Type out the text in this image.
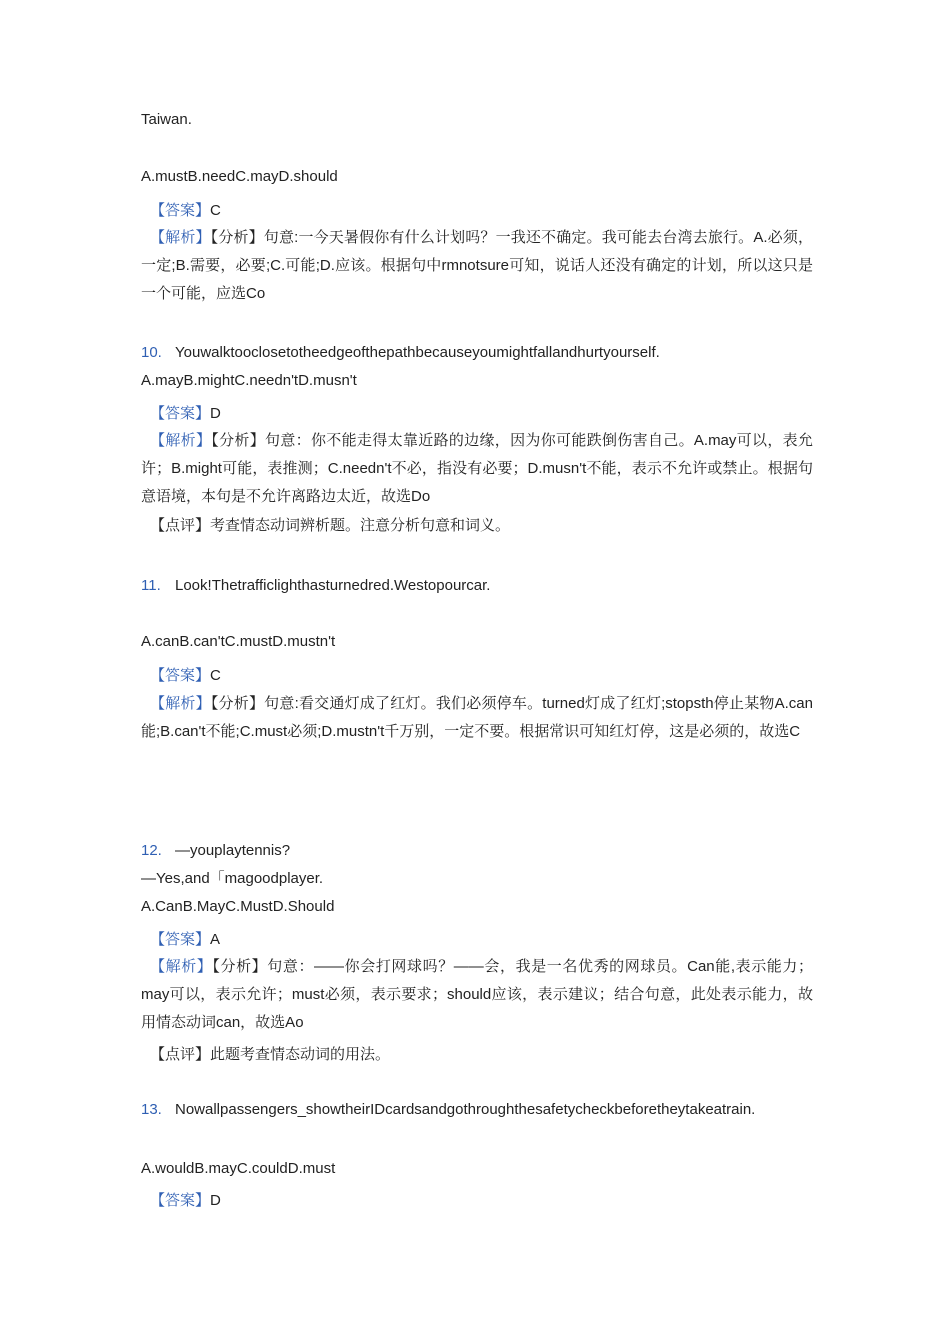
Taiwan.
A.mustB.needC.mayD.should
【答案】C
【解析】【分析】句意:一今天暑假你有什么计划吗？一我还不确定。我可能去台湾去旅行。A.必须，一定;B.需要，必要;C.可能;D.应该。根据句中rmnotsure可知，说话人还没有确定的计划，所以这只是一个可能，应选Co
10. Youwalktooclosetotheedgeofthepathbecauseyoumightfallandhurtyourself.
A.mayB.mightC.needn'tD.musn't
【答案】D
【解析】【分析】句意：你不能走得太靠近路的边缘，因为你可能跌倒伤害自己。A.may可以，表允许；B.might可能，表推测；C.needn't不必，指没有必要；D.musn't不能，表示不允许或禁止。根据句意语境，本句是不允许离路边太近，故选Do
【点评】考查情态动词辨析题。注意分析句意和词义。
11. Look!Thetrafficlighthasturnedred.Westopourcar.
A.canB.can'tC.mustD.mustn't
【答案】C
【解析】【分析】句意:看交通灯成了红灯。我们必须停车。turned灯成了红灯;stopsth停止某物A.can能;B.can't不能;C.must必须;D.mustn't千万别，一定不要。根据常识可知红灯停，这是必须的，故选C
12. —youplaytennis?
—Yes,and「magoodplayer.
A.CanB.MayC.MustD.Should
【答案】A
【解析】【分析】句意：——你会打网球吗？——会，我是一名优秀的网球员。Can能,表示能力；may可以，表示允许；must必须，表示要求；should应该，表示建议；结合句意，此处表示能力，故用情态动词can，故选Ao
【点评】此题考查情态动词的用法。
13. Nowallpassengers_showtheirIDcardsandgothroughthesafetycheckbeforetheytakeatrain.
A.wouldB.mayC.couldD.must
【答案】D
